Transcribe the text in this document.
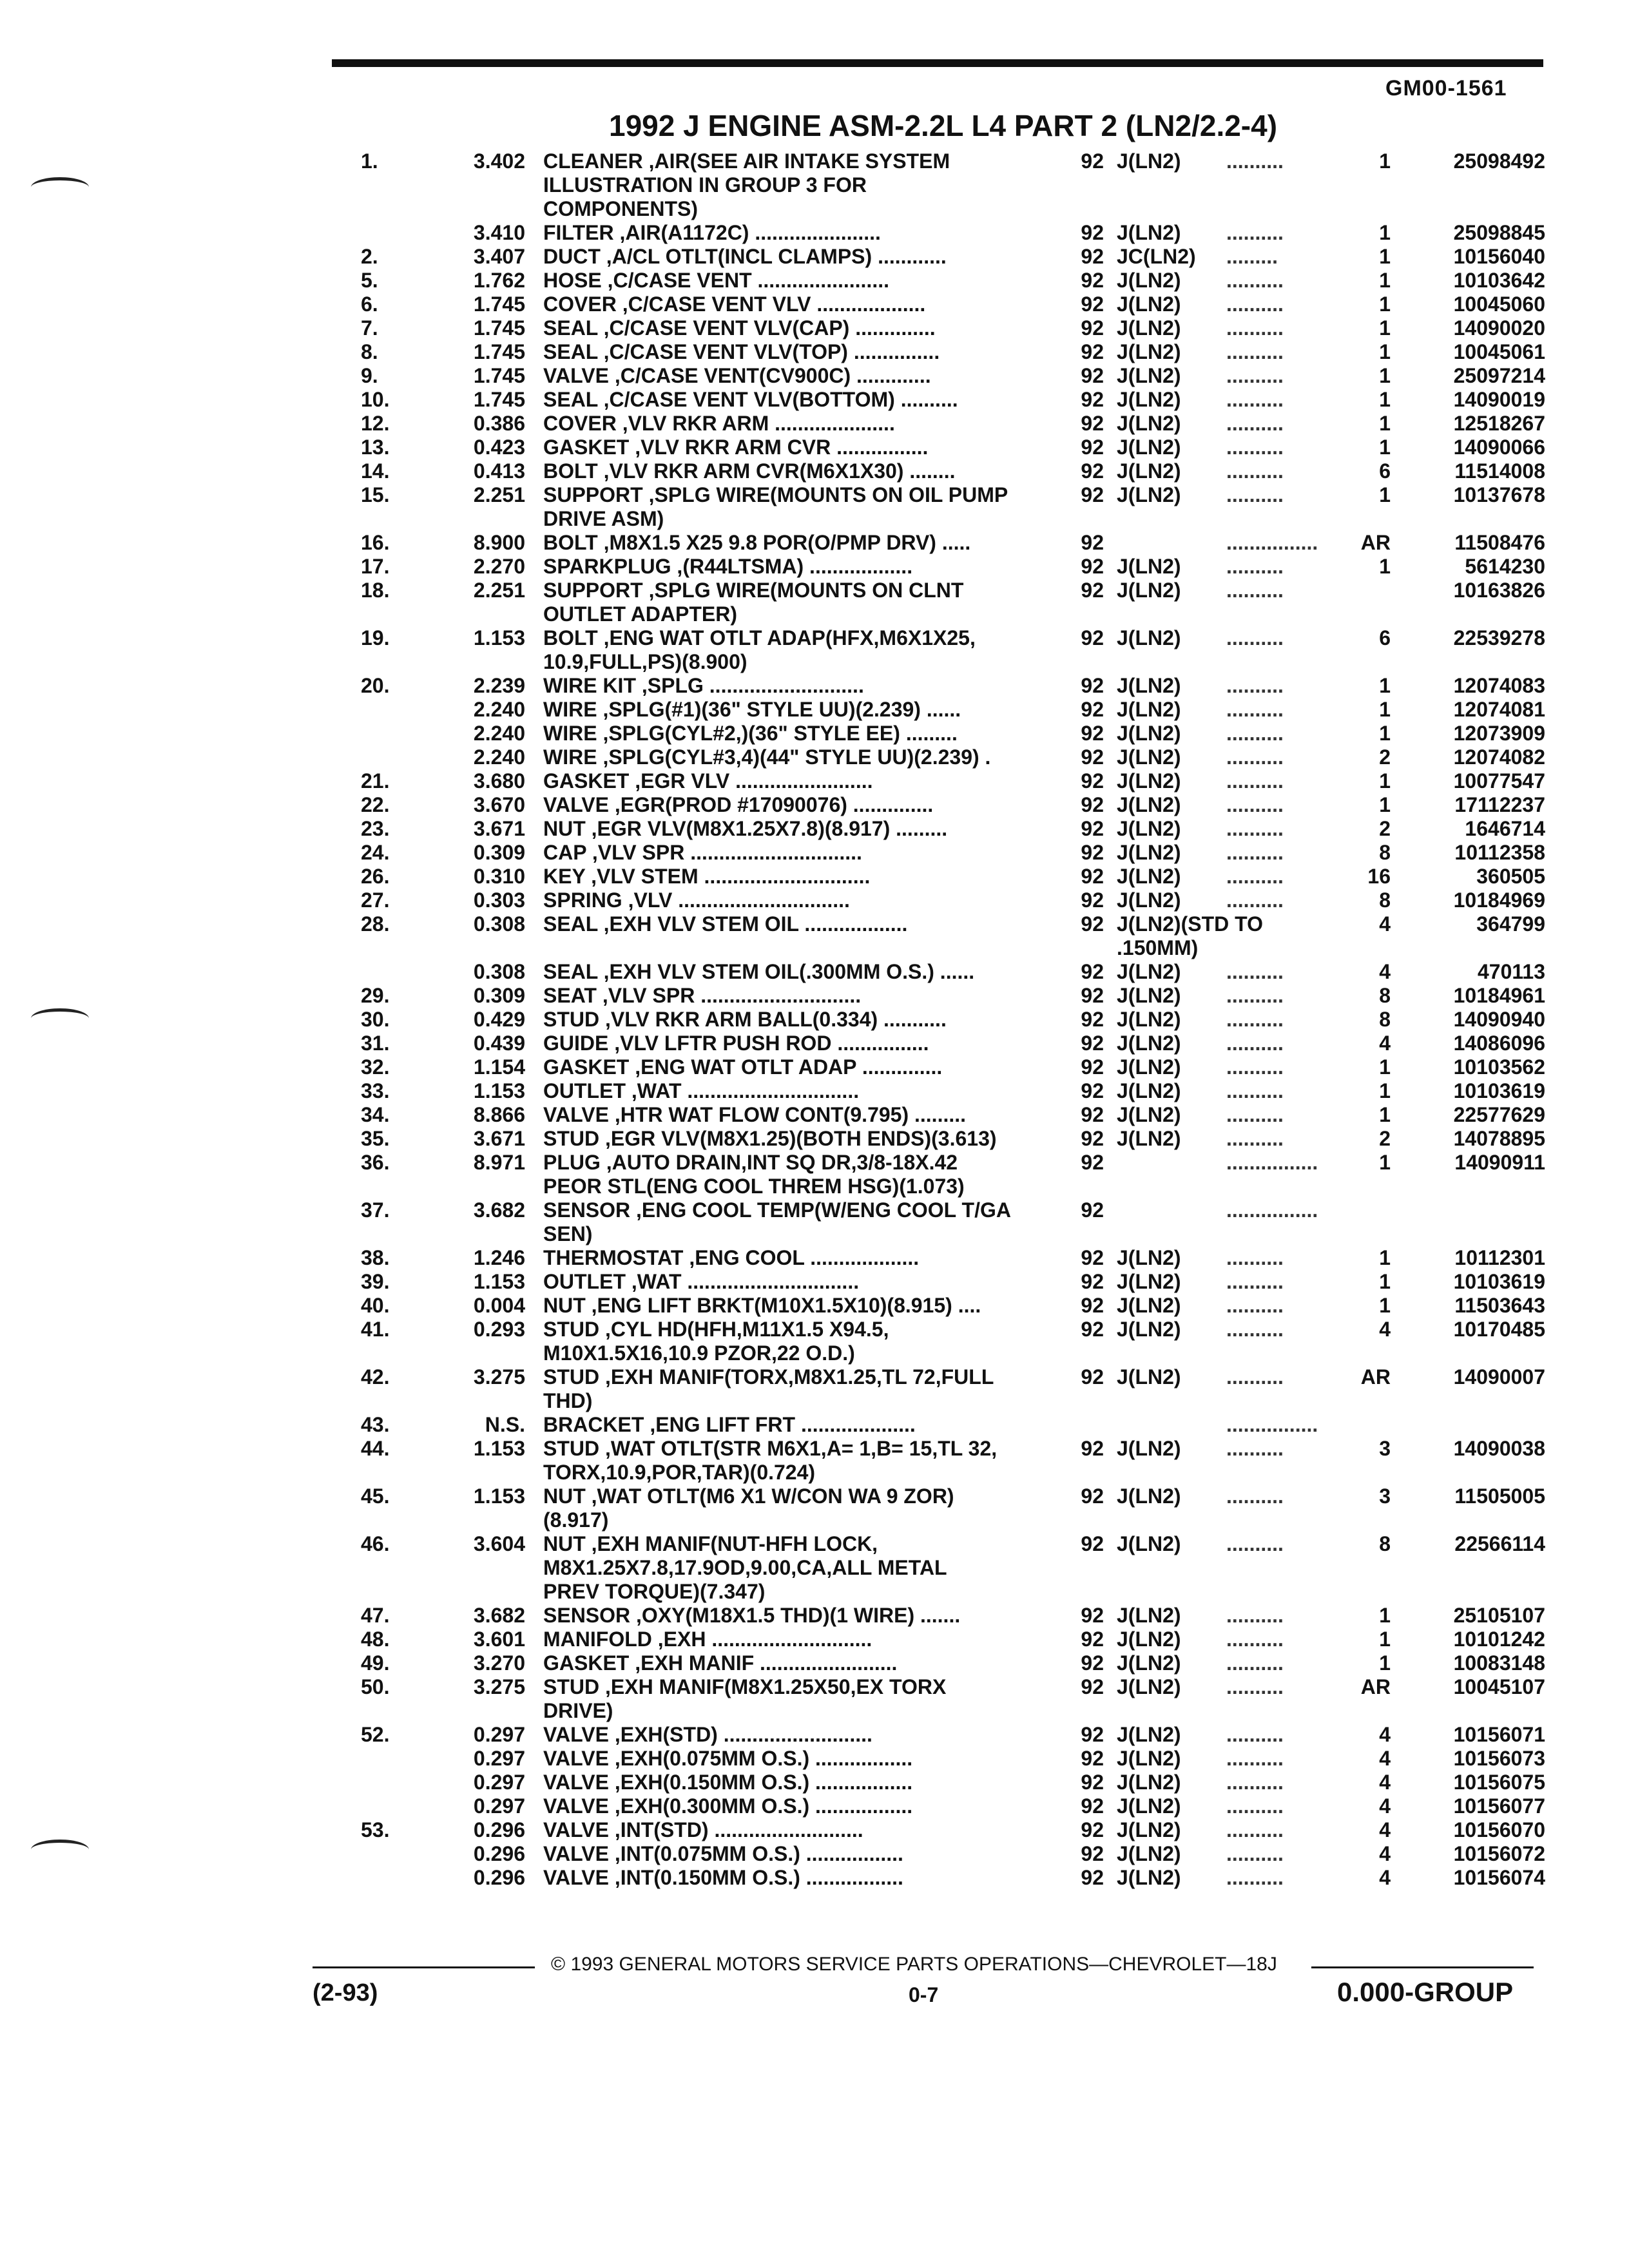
GM00-1561
1992 J ENGINE ASM-2.2L L4 PART 2 (LN2/2.2-4)
1.	3.402 CLEANER ,AIR(SEE AIR INTAKE SYSTEM	92 J(LN2)	..........	1	25098492
ILLUSTRATION IN GROUP 3 FOR
COMPONENTS)
3.410 FILTER ,AIR(A1172C) ......................	92 J(LN2)	..........	1	25098845
2.	3.407 DUCT ,A/CL OTLT(INCL CLAMPS) ............	92 JC(LN2)	.........	1	10156040
5.	1.762 HOSE ,C/CASE VENT .......................	92 J(LN2)	..........	1	10103642
6.	1.745 COVER ,C/CASE VENT VLV ...................	92 J(LN2)	..........	1	10045060
7.	1.745 SEAL ,C/CASE VENT VLV(CAP) ..............	92 J(LN2)	..........	1	14090020
8.	1.745 SEAL ,C/CASE VENT VLV(TOP) ...............	92 J(LN2)	..........	1	10045061
9.	1.745 VALVE ,C/CASE VENT(CV900C) .............	92 J(LN2)	..........	1	25097214
10.	1.745 SEAL ,C/CASE VENT VLV(BOTTOM) ..........	92 J(LN2)	..........	1	14090019
12.	0.386 COVER ,VLV RKR ARM .....................	92 J(LN2)	..........	1	12518267
13.	0.423 GASKET ,VLV RKR ARM CVR ................	92 J(LN2)	..........	1	14090066
14.	0.413 BOLT ,VLV RKR ARM CVR(M6X1X30) ........	92 J(LN2)	..........	6	11514008
15.	2.251 SUPPORT ,SPLG WIRE(MOUNTS ON OIL PUMP	92 J(LN2)	..........	1	10137678
DRIVE ASM)
16.	8.900 BOLT ,M8X1.5 X25 9.8 POR(O/PMP DRV) .....	92	................	AR	11508476
17.	2.270 SPARKPLUG ,(R44LTSMA) ..................	92 J(LN2)	..........	1	5614230
18.	2.251 SUPPORT ,SPLG WIRE(MOUNTS ON CLNT	92 J(LN2)	..........	10163826
OUTLET ADAPTER)
19.	1.153 BOLT ,ENG WAT OTLT ADAP(HFX,M6X1X25,	92 J(LN2)	..........	6	22539278
10.9,FULL,PS)(8.900)
20.	2.239 WIRE KIT ,SPLG ...........................	92 J(LN2)	..........	1	12074083
2.240 WIRE ,SPLG(#1)(36" STYLE UU)(2.239) ......	92 J(LN2)	..........	1	12074081
2.240 WIRE ,SPLG(CYL#2,)(36" STYLE EE) .........	92 J(LN2)	..........	1	12073909
2.240 WIRE ,SPLG(CYL#3,4)(44" STYLE UU)(2.239) .	92 J(LN2)	..........	2	12074082
21.	3.680 GASKET ,EGR VLV ........................	92 J(LN2)	..........	1	10077547
22.	3.670 VALVE ,EGR(PROD #17090076) ..............	92 J(LN2)	..........	1	17112237
23.	3.671 NUT ,EGR VLV(M8X1.25X7.8)(8.917) .........	92 J(LN2)	..........	2	1646714
24.	0.309 CAP ,VLV SPR ..............................	92 J(LN2)	..........	8	10112358
26.	0.310 KEY ,VLV STEM .............................	92 J(LN2)	..........	16	360505
27.	0.303 SPRING ,VLV ..............................	92 J(LN2)	..........	8	10184969
28.	0.308 SEAL ,EXH VLV STEM OIL ..................	92 J(LN2)(STD TO	4	364799
.150MM)
0.308 SEAL ,EXH VLV STEM OIL(.300MM O.S.) ......	92 J(LN2)	..........	4	470113
29.	0.309 SEAT ,VLV SPR ............................	92 J(LN2)	..........	8	10184961
30.	0.429 STUD ,VLV RKR ARM BALL(0.334) ...........	92 J(LN2)	..........	8	14090940
31.	0.439 GUIDE ,VLV LFTR PUSH ROD ................	92 J(LN2)	..........	4	14086096
32.	1.154 GASKET ,ENG WAT OTLT ADAP ..............	92 J(LN2)	..........	1	10103562
33.	1.153 OUTLET ,WAT ..............................	92 J(LN2)	..........	1	10103619
34.	8.866 VALVE ,HTR WAT FLOW CONT(9.795) .........	92 J(LN2)	..........	1	22577629
35.	3.671 STUD ,EGR VLV(M8X1.25)(BOTH ENDS)(3.613)	92 J(LN2)	..........	2	14078895
36.	8.971 PLUG ,AUTO DRAIN,INT SQ DR,3/8-18X.42	92	................	1	14090911
PEOR STL(ENG COOL THREM HSG)(1.073)
37.	3.682 SENSOR ,ENG COOL TEMP(W/ENG COOL T/GA	92	................
SEN)
38.	1.246 THERMOSTAT ,ENG COOL ...................	92 J(LN2)	..........	1	10112301
39.	1.153 OUTLET ,WAT ..............................	92 J(LN2)	..........	1	10103619
40.	0.004 NUT ,ENG LIFT BRKT(M10X1.5X10)(8.915) ....	92 J(LN2)	..........	1	11503643
41.	0.293 STUD ,CYL HD(HFH,M11X1.5 X94.5,	92 J(LN2)	..........	4	10170485
M10X1.5X16,10.9 PZOR,22 O.D.)
42.	3.275 STUD ,EXH MANIF(TORX,M8X1.25,TL 72,FULL	92 J(LN2)	..........	AR	14090007
THD)
43.	N.S. BRACKET ,ENG LIFT FRT ....................	................
44.	1.153 STUD ,WAT OTLT(STR M6X1,A= 1,B= 15,TL 32,	92 J(LN2)	..........	3	14090038
TORX,10.9,POR,TAR)(0.724)
45.	1.153 NUT ,WAT OTLT(M6 X1 W/CON WA 9 ZOR)	92 J(LN2)	..........	3	11505005
(8.917)
46.	3.604 NUT ,EXH MANIF(NUT-HFH LOCK,	92 J(LN2)	..........	8	22566114
M8X1.25X7.8,17.9OD,9.00,CA,ALL METAL
PREV TORQUE)(7.347)
47.	3.682 SENSOR ,OXY(M18X1.5 THD)(1 WIRE) .......	92 J(LN2)	..........	1	25105107
48.	3.601 MANIFOLD ,EXH ............................	92 J(LN2)	..........	1	10101242
49.	3.270 GASKET ,EXH MANIF ........................	92 J(LN2)	..........	1	10083148
50.	3.275 STUD ,EXH MANIF(M8X1.25X50,EX TORX	92 J(LN2)	..........	AR	10045107
DRIVE)
52.	0.297 VALVE ,EXH(STD) ..........................	92 J(LN2)	..........	4	10156071
0.297 VALVE ,EXH(0.075MM O.S.) .................	92 J(LN2)	..........	4	10156073
0.297 VALVE ,EXH(0.150MM O.S.) .................	92 J(LN2)	..........	4	10156075
0.297 VALVE ,EXH(0.300MM O.S.) .................	92 J(LN2)	..........	4	10156077
53.	0.296 VALVE ,INT(STD) ..........................	92 J(LN2)	..........	4	10156070
0.296 VALVE ,INT(0.075MM O.S.) .................	92 J(LN2)	..........	4	10156072
0.296 VALVE ,INT(0.150MM O.S.) .................	92 J(LN2)	..........	4	10156074
© 1993 GENERAL MOTORS SERVICE PARTS OPERATIONS—CHEVROLET—18J
(2-93)	0-7	0.000-GROUP
